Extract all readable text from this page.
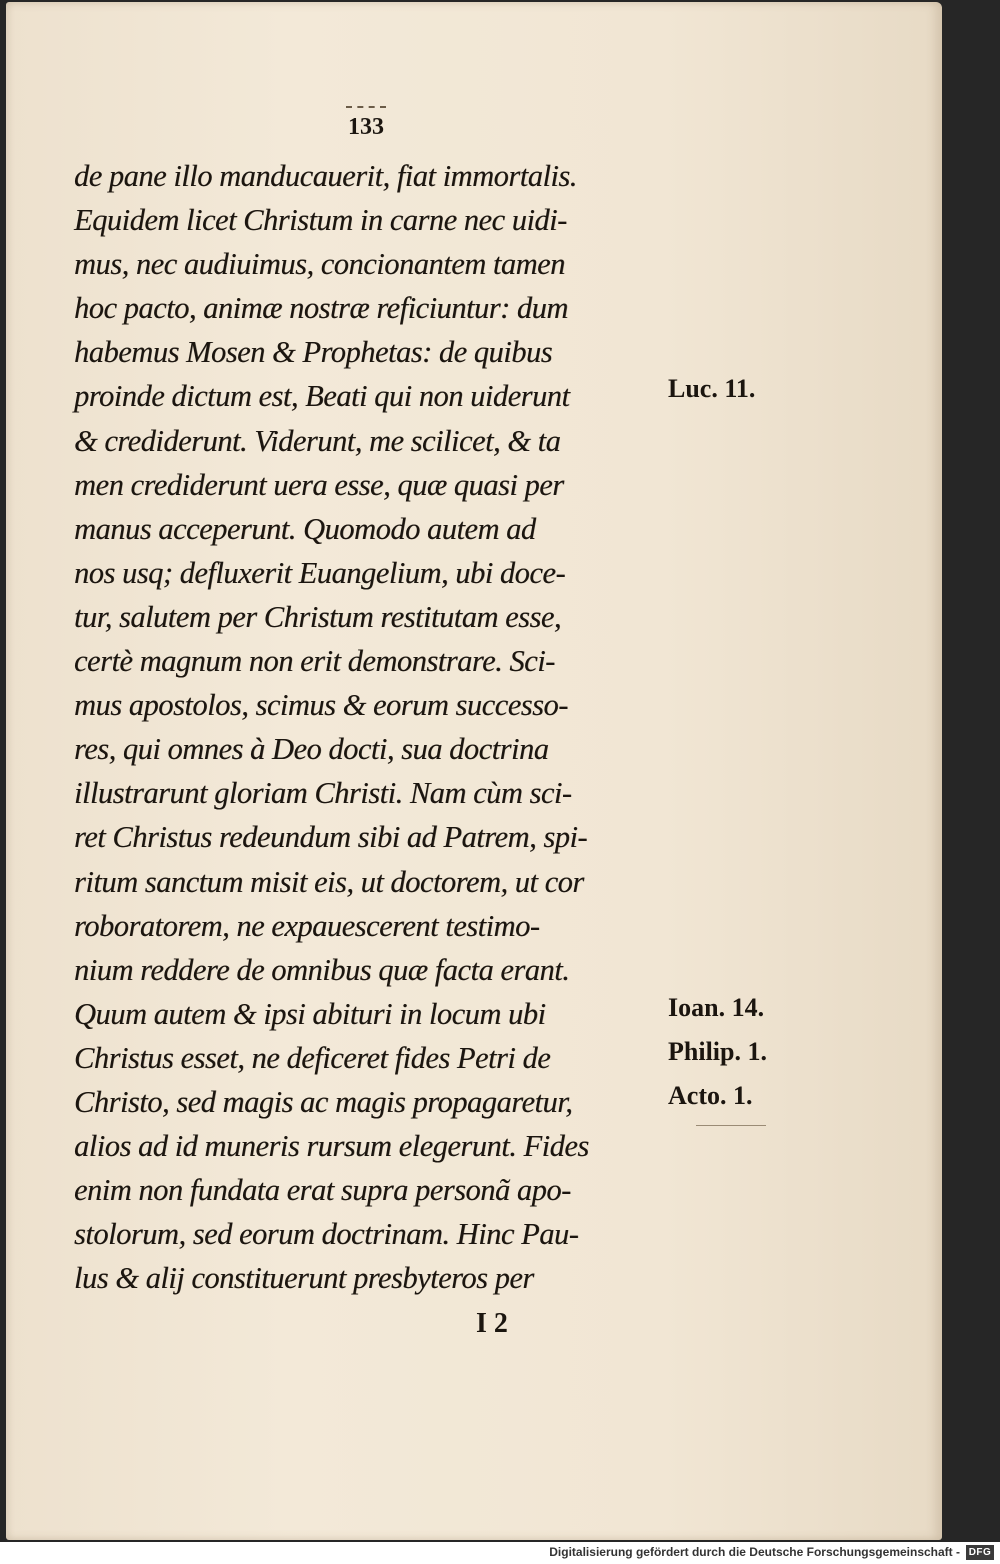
133
de pane illo manducauerit, fiat immortalis.
Equidem licet Christum in carne nec uidi-
mus, nec audiuimus, concionantem tamen
hoc pacto, animæ nostræ reficiuntur: dum
habemus Mosen & Prophetas: de quibus
proinde dictum est, Beati qui non uiderunt
& crediderunt. Viderunt, me scilicet, & ta
men crediderunt uera esse, quæ quasi per
manus acceperunt. Quomodo autem ad
nos usq; defluxerit Euangelium, ubi doce-
tur, salutem per Christum restitutam esse,
certè magnum non erit demonstrare. Sci-
mus apostolos, scimus & eorum successo-
res, qui omnes à Deo docti, sua doctrina
illustrarunt gloriam Christi. Nam cùm sci-
ret Christus redeundum sibi ad Patrem, spi-
ritum sanctum misit eis, ut doctorem, ut cor
roboratorem, ne expauescerent testimo-
nium reddere de omnibus quæ facta erant.
Quum autem & ipsi abituri in locum ubi
Christus esset, ne deficeret fides Petri de
Christo, sed magis ac magis propagaretur,
alios ad id muneris rursum elegerunt. Fides
enim non fundata erat supra personã apo-
stolorum, sed eorum doctrinam. Hinc Pau-
lus & alij constituerunt presbyteros per
Luc. 11.
Ioan. 14.
Philip. 1.
Acto. 1.
I 2
Digitalisierung gefördert durch die Deutsche Forschungsgemeinschaft - DFG
